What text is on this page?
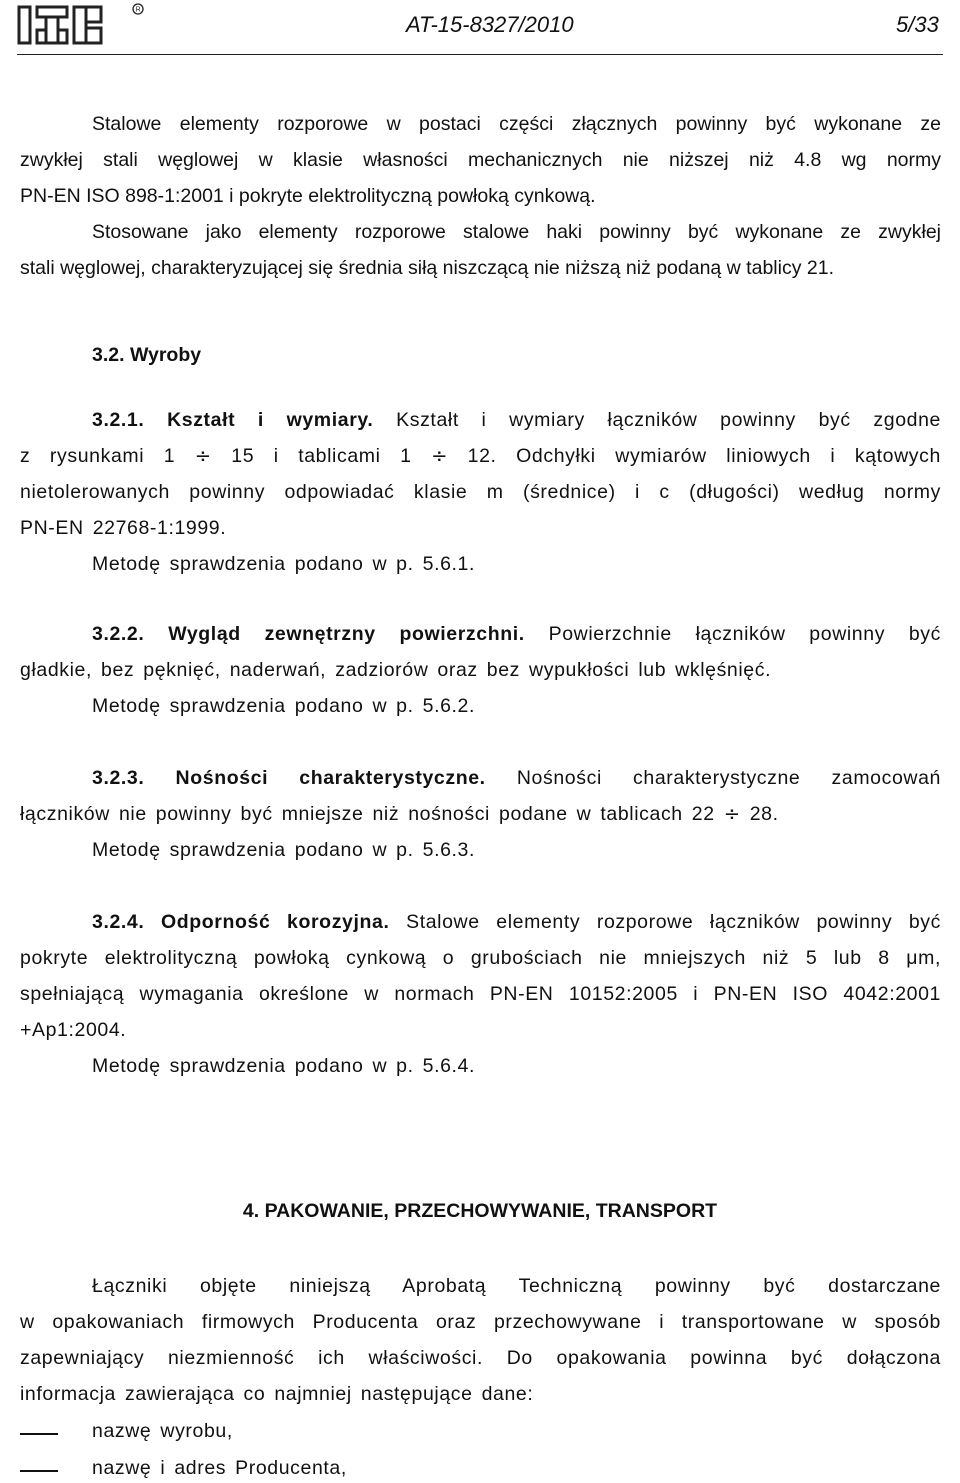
R
AT-15-8327/2010	5/33
Stalowe elementy rozporowe w postaci części złącznych powinny być wykonane ze
zwykłej stali węglowej w klasie własności mechanicznych nie niższej niż 4.8 wg normy
PN-EN ISO 898-1:2001 i pokryte elektrolityczną powłoką cynkową.
Stosowane jako elementy rozporowe stalowe haki powinny być wykonane ze zwykłej
stali węglowej, charakteryzującej się średnia siłą niszczącą nie niższą niż podaną w tablicy 21.
3.2. Wyroby
3.2.1. Kształt i wymiary. Kształt i wymiary łączników powinny być zgodne
z rysunkami 1 ÷ 15 i tablicami 1 ÷ 12. Odchyłki wymiarów liniowych i kątowych
nietolerowanych powinny odpowiadać klasie m (średnice) i c (długości) według normy
PN-EN 22768-1:1999.
Metodę sprawdzenia podano w p. 5.6.1.
3.2.2. Wygląd zewnętrzny powierzchni. Powierzchnie łączników powinny być
gładkie, bez pęknięć, naderwań, zadziorów oraz bez wypukłości lub wklęśnięć.
Metodę sprawdzenia podano w p. 5.6.2.
3.2.3. Nośności charakterystyczne. Nośności charakterystyczne zamocowań
łączników nie powinny być mniejsze niż nośności podane w tablicach 22 ÷ 28.
Metodę sprawdzenia podano w p. 5.6.3.
3.2.4. Odporność korozyjna. Stalowe elementy rozporowe łączników powinny być
pokryte elektrolityczną powłoką cynkową o grubościach nie mniejszych niż 5 lub 8 μm,
spełniającą wymagania określone w normach PN-EN 10152:2005 i PN-EN ISO 4042:2001
+Ap1:2004.
Metodę sprawdzenia podano w p. 5.6.4.
4. PAKOWANIE, PRZECHOWYWANIE, TRANSPORT
Łączniki objęte niniejszą Aprobatą Techniczną powinny być dostarczane
w opakowaniach firmowych Producenta oraz przechowywane i transportowane w sposób
zapewniający niezmienność ich właściwości. Do opakowania powinna być dołączona
informacja zawierająca co najmniej następujące dane:
nazwę wyrobu,
nazwę i adres Producenta,
